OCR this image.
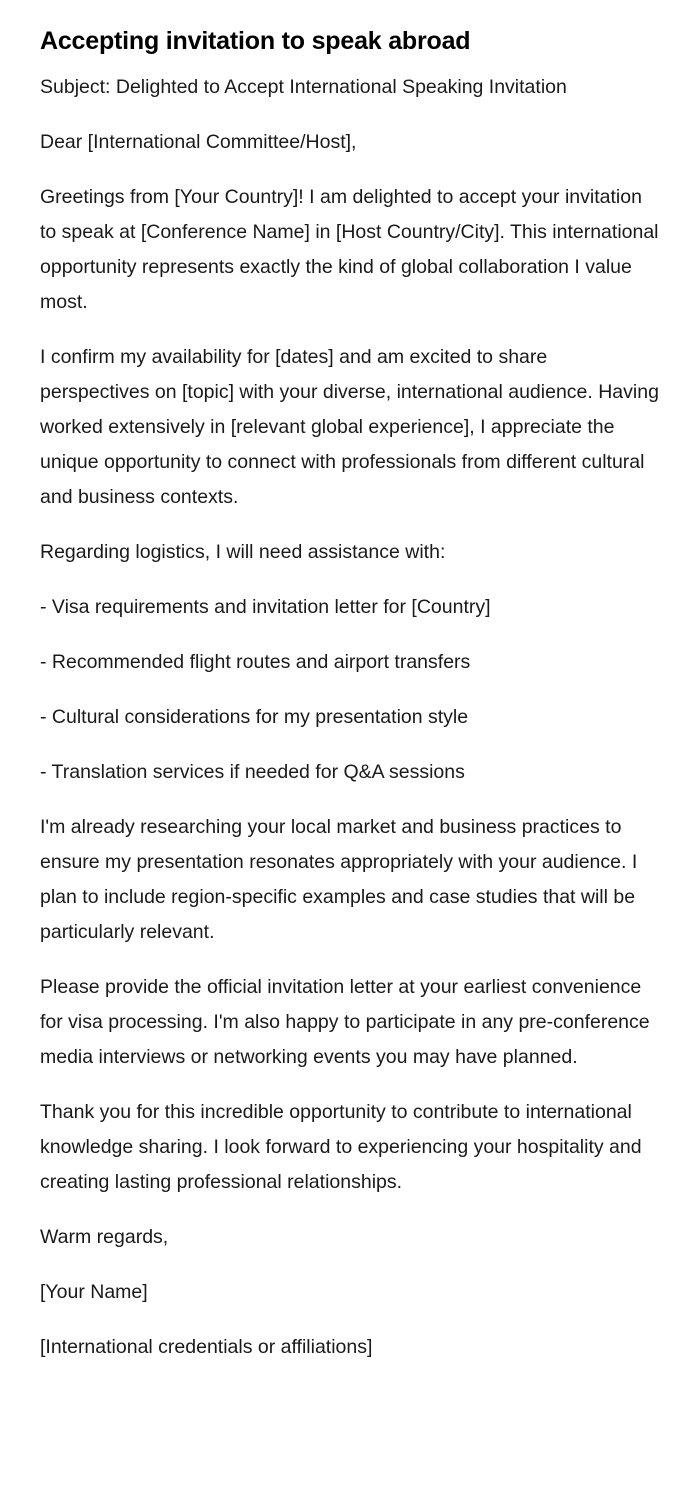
Accepting invitation to speak abroad

Subject: Delighted to Accept International Speaking Invitation

Dear [International Committee/Host],

Greetings from [Your Country]! I am delighted to accept your invitation to speak at [Conference Name] in [Host Country/City]. This international opportunity represents exactly the kind of global collaboration I value most.

I confirm my availability for [dates] and am excited to share perspectives on [topic] with your diverse, international audience. Having worked extensively in [relevant global experience], I appreciate the unique opportunity to connect with professionals from different cultural and business contexts.

Regarding logistics, I will need assistance with:

- Visa requirements and invitation letter for [Country]

- Recommended flight routes and airport transfers

- Cultural considerations for my presentation style

- Translation services if needed for Q&A sessions

I'm already researching your local market and business practices to ensure my presentation resonates appropriately with your audience. I plan to include region-specific examples and case studies that will be particularly relevant.

Please provide the official invitation letter at your earliest convenience for visa processing. I'm also happy to participate in any pre-conference media interviews or networking events you may have planned.

Thank you for this incredible opportunity to contribute to international knowledge sharing. I look forward to experiencing your hospitality and creating lasting professional relationships.

Warm regards,

[Your Name]

[International credentials or affiliations]
